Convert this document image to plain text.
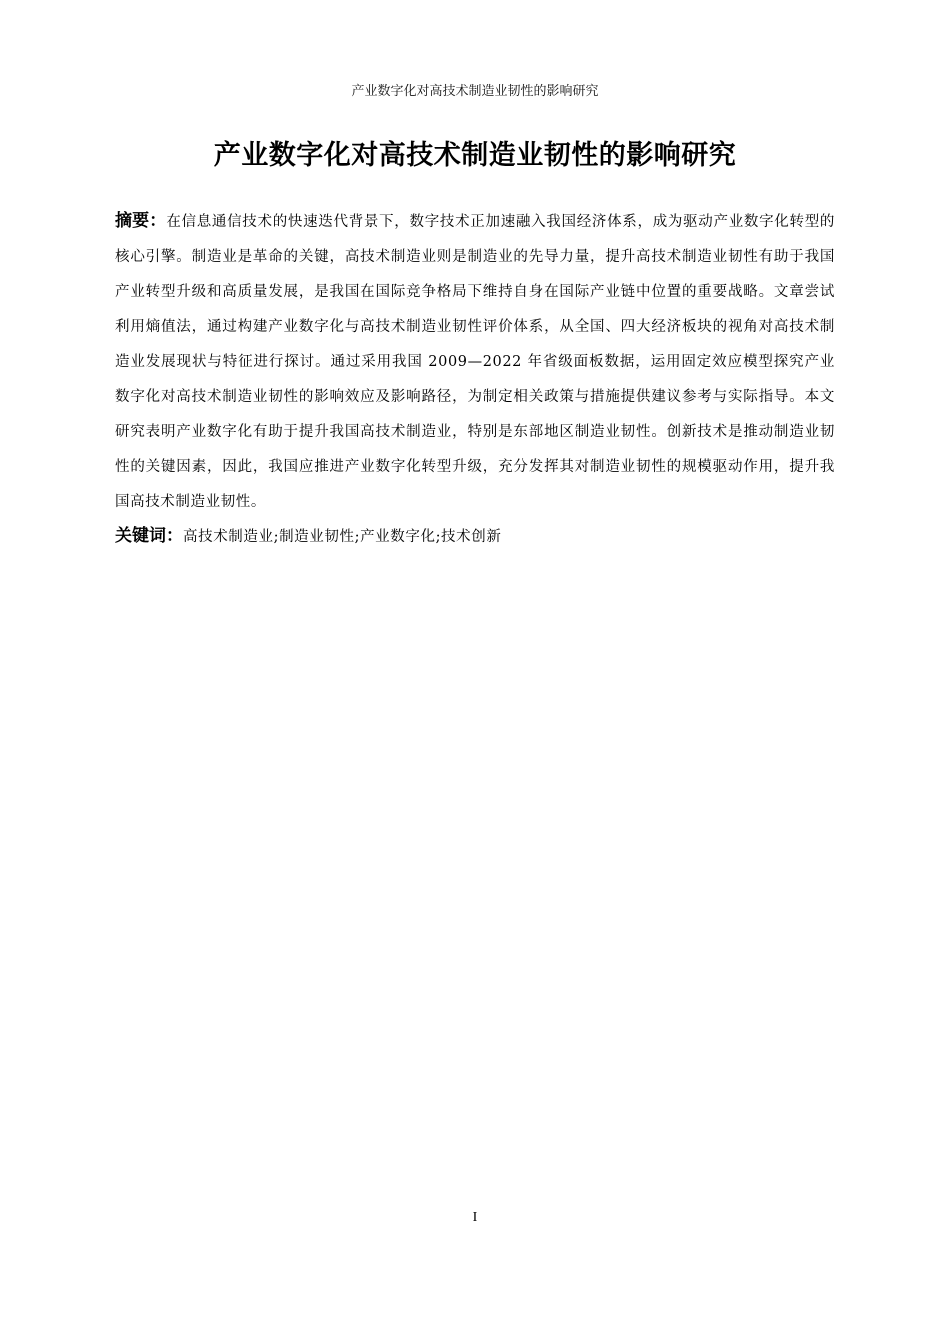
产业数字化对高技术制造业韧性的影响研究
产业数字化对高技术制造业韧性的影响研究
摘要：在信息通信技术的快速迭代背景下，数字技术正加速融入我国经济体系，成为驱动产业数字化转型的核心引擎。制造业是革命的关键，高技术制造业则是制造业的先导力量，提升高技术制造业韧性有助于我国产业转型升级和高质量发展，是我国在国际竞争格局下维持自身在国际产业链中位置的重要战略。文章尝试利用熵值法，通过构建产业数字化与高技术制造业韧性评价体系，从全国、四大经济板块的视角对高技术制造业发展现状与特征进行探讨。通过采用我国 2009—2022 年省级面板数据，运用固定效应模型探究产业数字化对高技术制造业韧性的影响效应及影响路径，为制定相关政策与措施提供建议参考与实际指导。本文研究表明产业数字化有助于提升我国高技术制造业，特别是东部地区制造业韧性。创新技术是推动制造业韧性的关键因素，因此，我国应推进产业数字化转型升级，充分发挥其对制造业韧性的规模驱动作用，提升我国高技术制造业韧性。
关键词：高技术制造业;制造业韧性;产业数字化;技术创新
I
